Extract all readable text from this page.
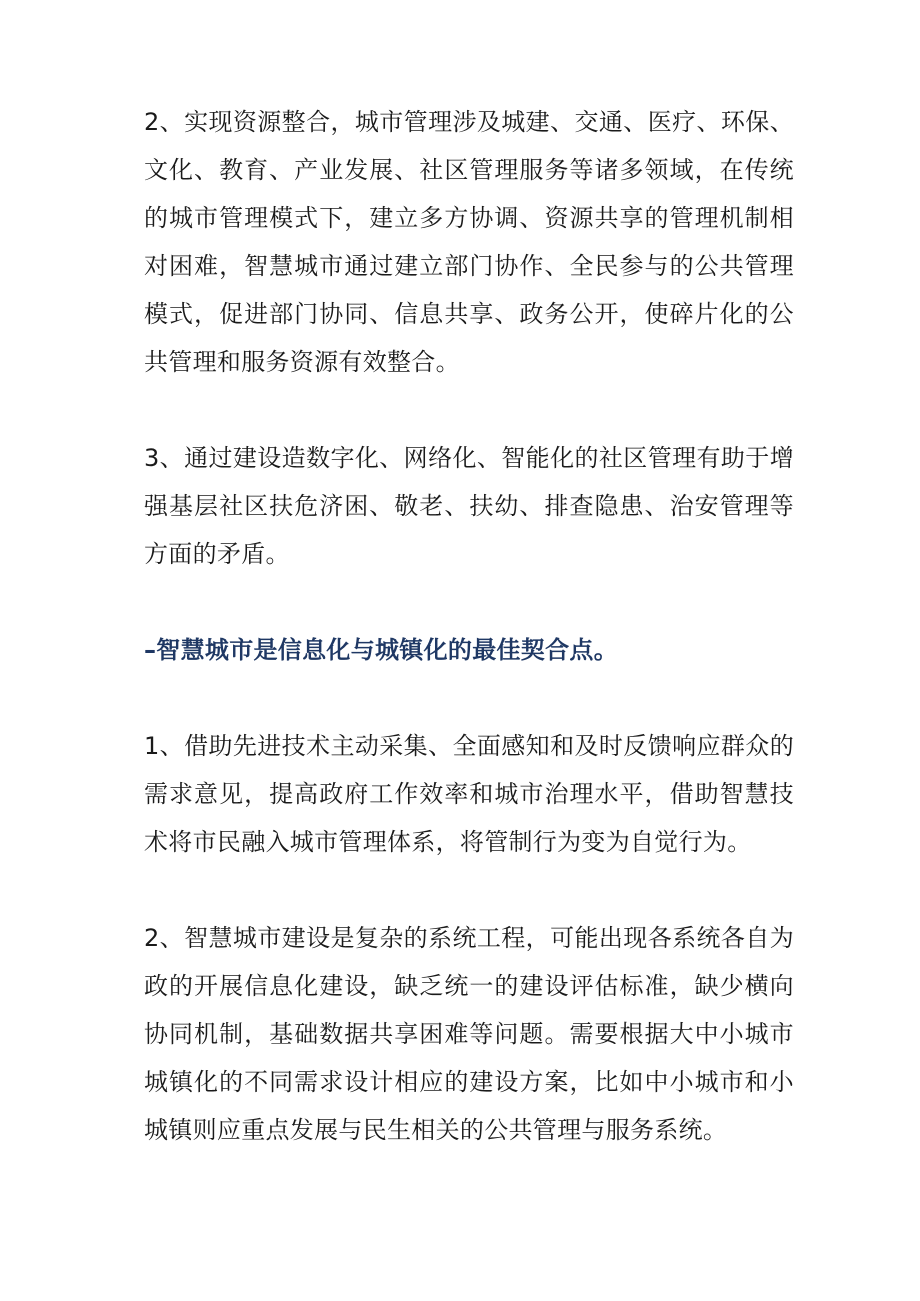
2、实现资源整合，城市管理涉及城建、交通、医疗、环保、文化、教育、产业发展、社区管理服务等诸多领域，在传统的城市管理模式下，建立多方协调、资源共享的管理机制相对困难，智慧城市通过建立部门协作、全民参与的公共管理模式，促进部门协同、信息共享、政务公开，使碎片化的公共管理和服务资源有效整合。

3、通过建设造数字化、网络化、智能化的社区管理有助于增强基层社区扶危济困、敬老、扶幼、排查隐患、治安管理等方面的矛盾。

–智慧城市是信息化与城镇化的最佳契合点。

1、借助先进技术主动采集、全面感知和及时反馈响应群众的需求意见，提高政府工作效率和城市治理水平，借助智慧技术将市民融入城市管理体系，将管制行为变为自觉行为。

2、智慧城市建设是复杂的系统工程，可能出现各系统各自为政的开展信息化建设，缺乏统一的建设评估标准，缺少横向协同机制，基础数据共享困难等问题。需要根据大中小城市城镇化的不同需求设计相应的建设方案，比如中小城市和小城镇则应重点发展与民生相关的公共管理与服务系统。
